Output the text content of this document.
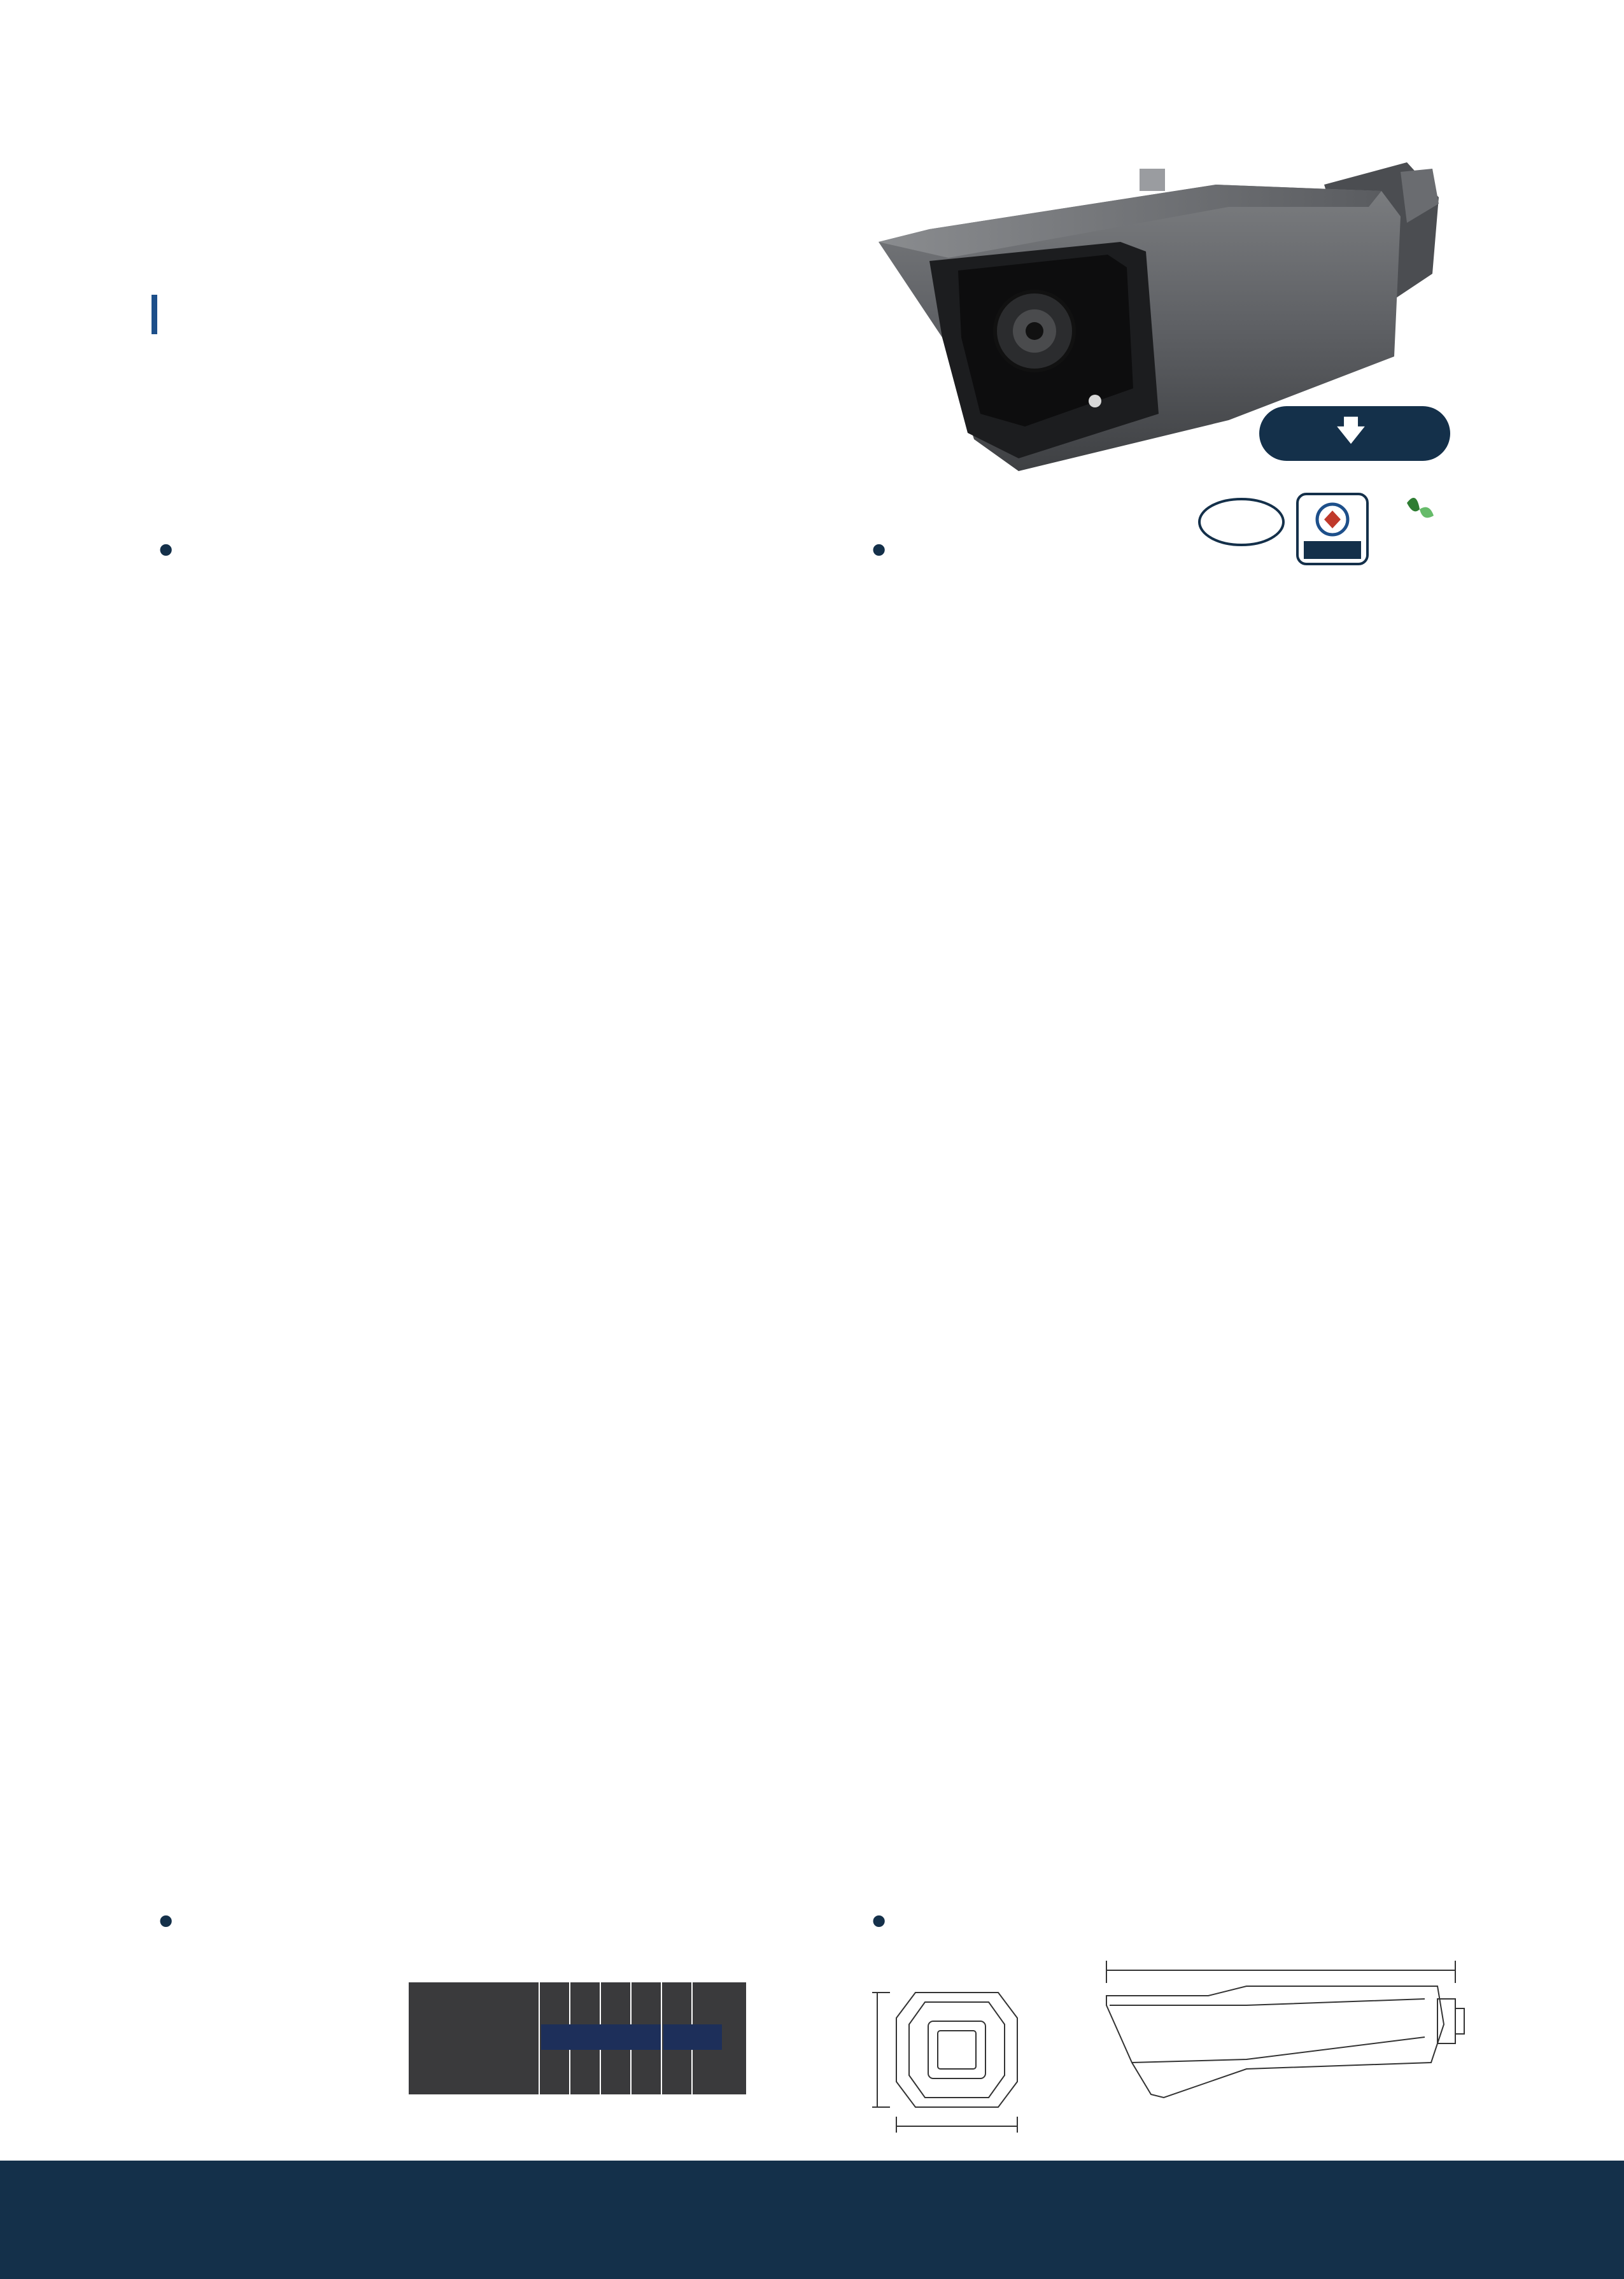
🡇
•	•
•	•
